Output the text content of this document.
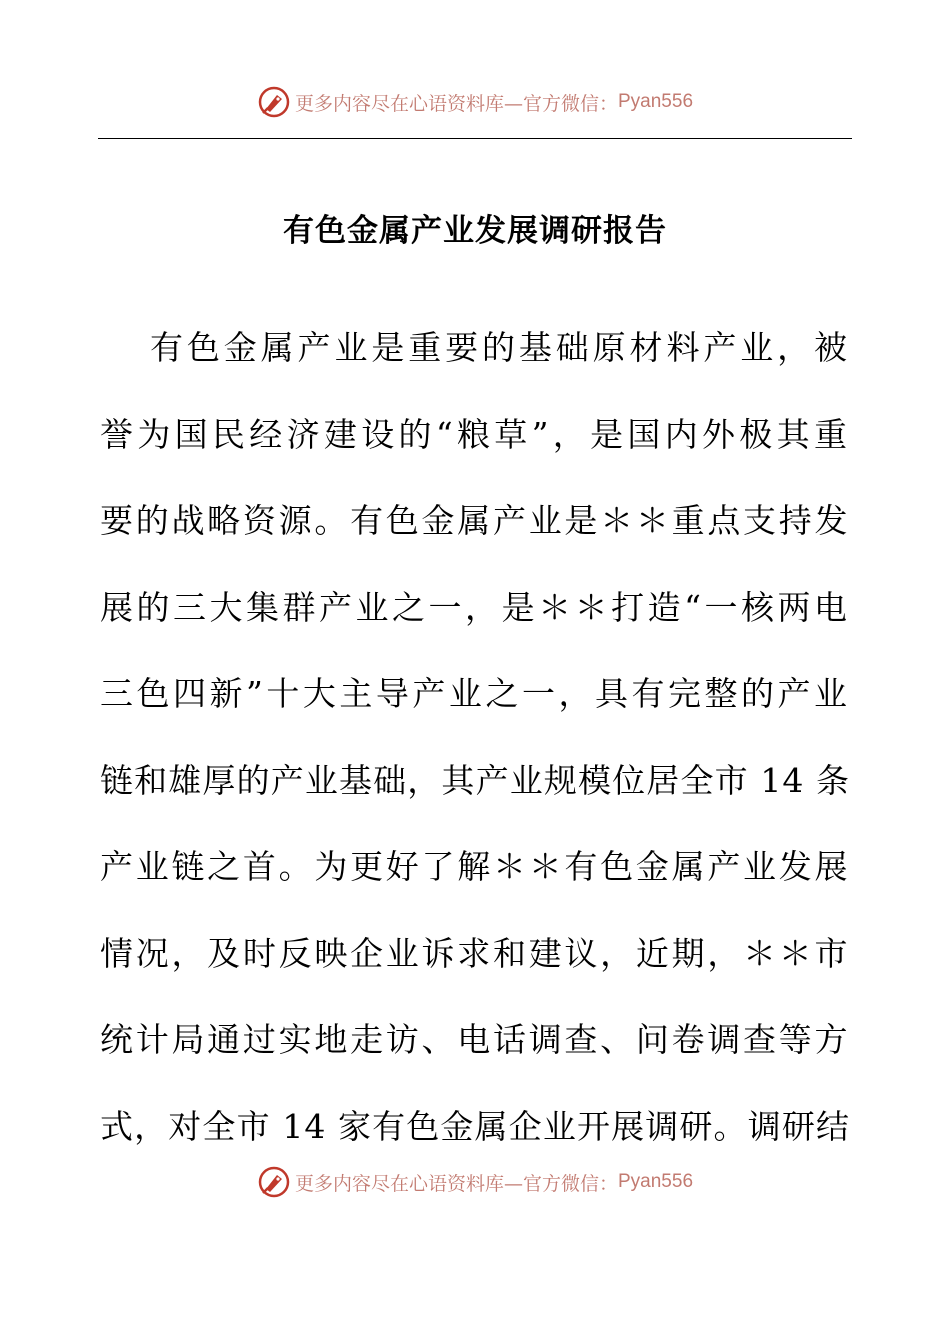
更多内容尽在心语资料库—官方微信： Pyan556
有色金属产业发展调研报告
有色金属产业是重要的基础原材料产业，被
誉为国民经济建设的“粮草”，是国内外极其重
要的战略资源。有色金属产业是＊＊重点支持发
展的三大集群产业之一，是＊＊打造“一核两电
三色四新”十大主导产业之一，具有完整的产业
链和雄厚的产业基础，其产业规模位居全市 14 条
产业链之首。为更好了解＊＊有色金属产业发展
情况，及时反映企业诉求和建议，近期，＊＊市
统计局通过实地走访、电话调查、问卷调查等方
式，对全市 14 家有色金属企业开展调研。调研结
更多内容尽在心语资料库—官方微信： Pyan556
